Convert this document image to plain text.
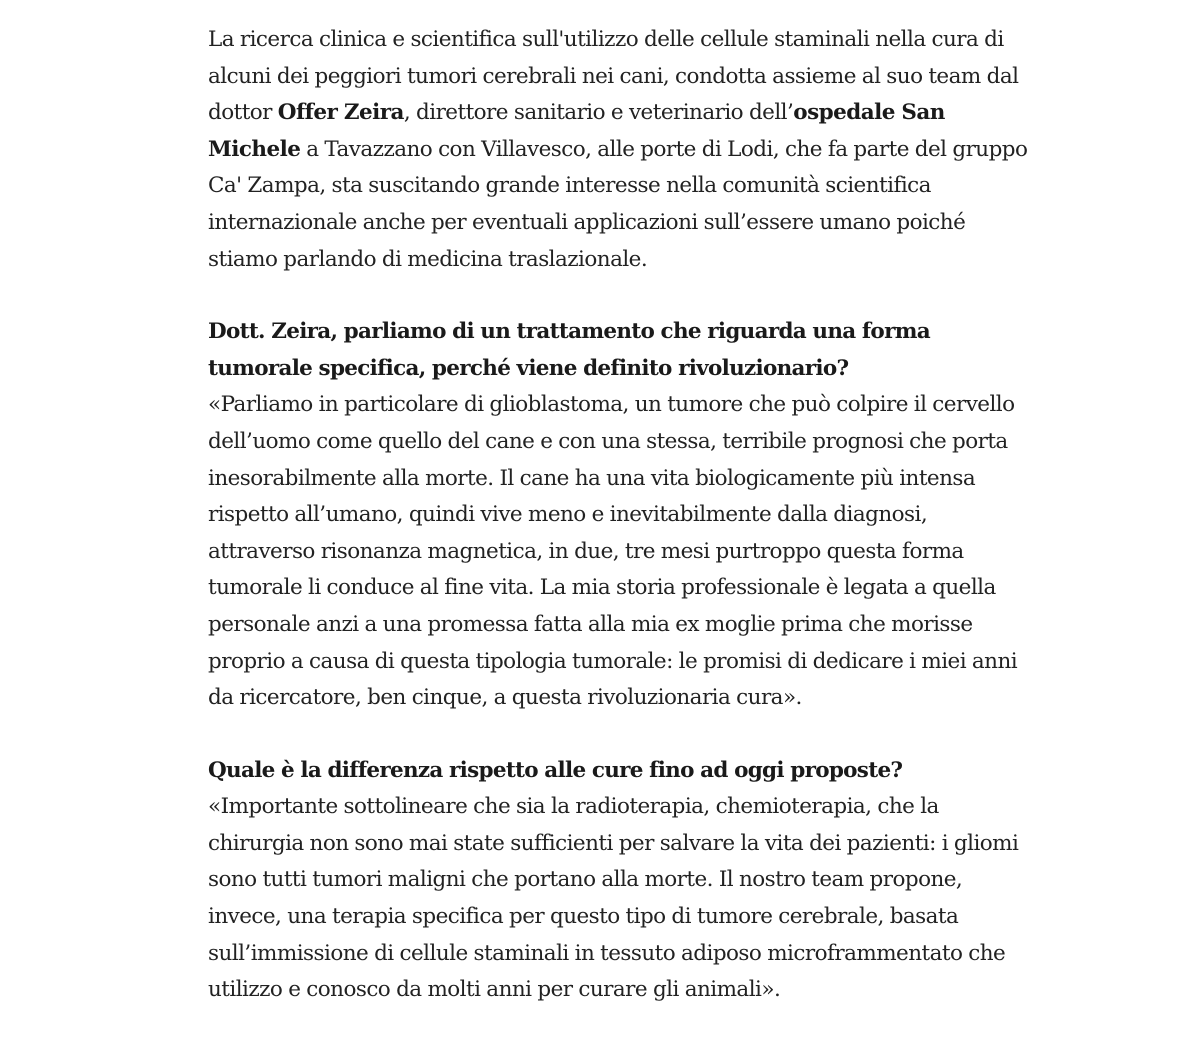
La ricerca clinica e scientifica sull'utilizzo delle cellule staminali nella cura di alcuni dei peggiori tumori cerebrali nei cani, condotta assieme al suo team dal dottor Offer Zeira, direttore sanitario e veterinario dell’ospedale San Michele a Tavazzano con Villavesco, alle porte di Lodi, che fa parte del gruppo Ca' Zampa, sta suscitando grande interesse nella comunità scientifica internazionale anche per eventuali applicazioni sull’essere umano poiché stiamo parlando di medicina traslazionale.

Dott. Zeira, parliamo di un trattamento che riguarda una forma tumorale specifica, perché viene definito rivoluzionario?

«Parliamo in particolare di glioblastoma, un tumore che può colpire il cervello dell’uomo come quello del cane e con una stessa, terribile prognosi che porta inesorabilmente alla morte. Il cane ha una vita biologicamente più intensa rispetto all’umano, quindi vive meno e inevitabilmente dalla diagnosi, attraverso risonanza magnetica, in due, tre mesi purtroppo questa forma tumorale li conduce al fine vita. La mia storia professionale è legata a quella personale anzi a una promessa fatta alla mia ex moglie prima che morisse proprio a causa di questa tipologia tumorale: le promisi di dedicare i miei anni da ricercatore, ben cinque, a questa rivoluzionaria cura».

Quale è la differenza rispetto alle cure fino ad oggi proposte?

«Importante sottolineare che sia la radioterapia, chemioterapia, che la chirurgia non sono mai state sufficienti per salvare la vita dei pazienti: i gliomi sono tutti tumori maligni che portano alla morte. Il nostro team propone, invece, una terapia specifica per questo tipo di tumore cerebrale, basata sull’immissione di cellule staminali in tessuto adiposo microframmentato che utilizzo e conosco da molti anni per curare gli animali».
